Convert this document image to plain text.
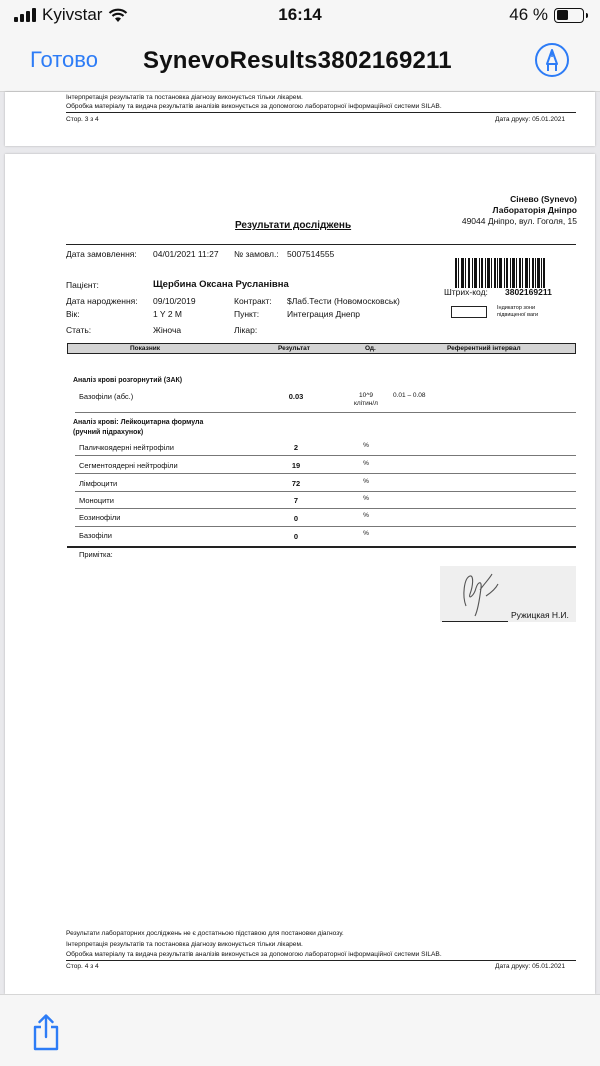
Kyivstar	16:14	46 %
Готово SynevoResults3802169211
Інтерпретація результатів та постановка діагнозу виконується тільки лікарем.
Обробка матеріалу та видача результатів аналізів виконується за допомогою лабораторної інформаційної системи SILAB.
Стор. 3 з 4	Дата друку: 05.01.2021
Сінево (Synevo)
Лабораторія Дніпро
49044 Дніпро, вул. Гоголя, 15
Результати досліджень
Дата замовлення: 04/01/2021 11:27 № замовл.: 5007514555
Пацієнт:	Щербина Оксана Русланівна
Дата народження: 09/10/2019	Контракт: $Лаб.Тести (Новомосковськ)
Вік:	1 Y 2 M	Пункт:	Интеграция Днепр
Стать:	Жіноча	Лікар:
Штрих-код: 3802169211
Індикатор зони
підвищеної ваги
Показник	Результат	Од.	Референтний інтервал
Аналіз крові розгорнутий (ЗАК)
Базофіли (абс.)	0.03	10^9
клітин/л
0.01 – 0.08
Аналіз крові: Лейкоцитарна формула
(ручний підрахунок)
Паличкоядерні нейтрофіли	2	%
Сегментоядерні нейтрофіли	19	%
Лімфоцити	72	%
Моноцити	7	%
Еозинофіли	0	%
Базофіли	0	%
Примітка:
Ружицкая Н.И.
Результати лабораторних досліджень не є достатньою підставою для постановки діагнозу.
Інтерпретація результатів та постановка діагнозу виконується тільки лікарем.
Обробка матеріалу та видача результатів аналізів виконується за допомогою лабораторної інформаційної системи SILAB.
Стор. 4 з 4	Дата друку: 05.01.2021
